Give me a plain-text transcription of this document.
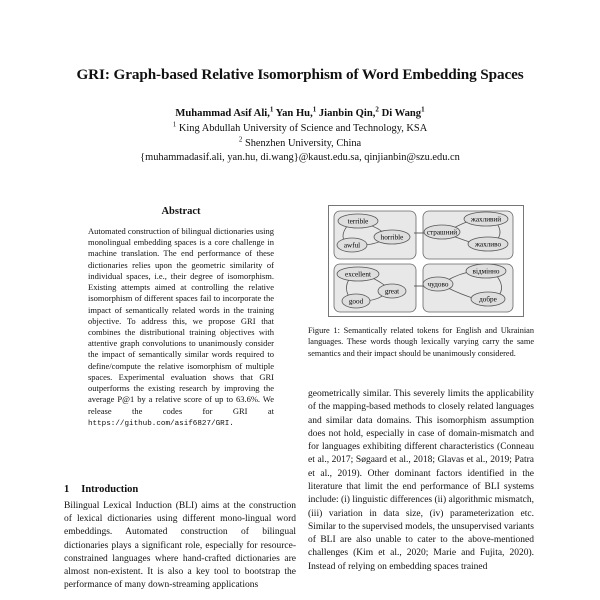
GRI: Graph-based Relative Isomorphism of Word Embedding Spaces
Muhammad Asif Ali,$^1$ Yan Hu,$^1$ Jianbin Qin,$^2$ Di Wang$^1$
$^1$ King Abdullah University of Science and Technology, KSA
$^2$ Shenzhen University, China
{muhammadasif.ali, yan.hu, di.wang}@kaust.edu.sa, qinjianbin@szu.edu.cn
Abstract
Automated construction of bilingual dictionaries using monolingual embedding spaces is a core challenge in machine translation. The end performance of these dictionaries relies upon the geometric similarity of individual spaces, i.e., their degree of isomorphism. Existing attempts aimed at controlling the relative isomorphism of different spaces fail to incorporate the impact of semantically related words in the training objective. To address this, we propose GRI that combines the distributional training objectives with attentive graph convolutions to unanimously consider the impact of semantically similar words required to define/compute the relative isomorphism of multiple spaces. Experimental evaluation shows that GRI outperforms the existing research by improving the average P@1 by a relative score of up to 63.6%. We release the codes for GRI at https://github.com/asif6827/GRI.
1 Introduction
Bilingual Lexical Induction (BLI) aims at the construction of lexical dictionaries using different mono-lingual word embeddings. Automated construction of bilingual dictionaries plays a significant role, especially for resource-constrained languages where hand-crafted dictionaries are almost non-existent. It is also a key tool to bootstrap the performance of many down-streaming applications
terrible
horrible
awful
жахливий
страшний
жахливо
excellent
great
good
відмінно
чудово
добре
Figure 1: Semantically related tokens for English and Ukrainian languages. These words though lexically varying carry the same semantics and their impact should be unanimously considered.
geometrically similar. This severely limits the applicability of the mapping-based methods to closely related languages and similar data domains. This isomorphism assumption does not hold, especially in case of domain-mismatch and for languages exhibiting different characteristics (Conneau et al., 2017; Søgaard et al., 2018; Glavas et al., 2019; Patra et al., 2019). Other dominant factors identified in the literature that limit the end performance of BLI systems include: (i) linguistic differences (ii) algorithmic mismatch, (iii) variation in data size, (iv) parameterization etc. Similar to the supervised models, the unsupervised variants of BLI are also unable to cater to the above-mentioned challenges (Kim et al., 2020; Marie and Fujita, 2020). Instead of relying on embedding spaces trained
